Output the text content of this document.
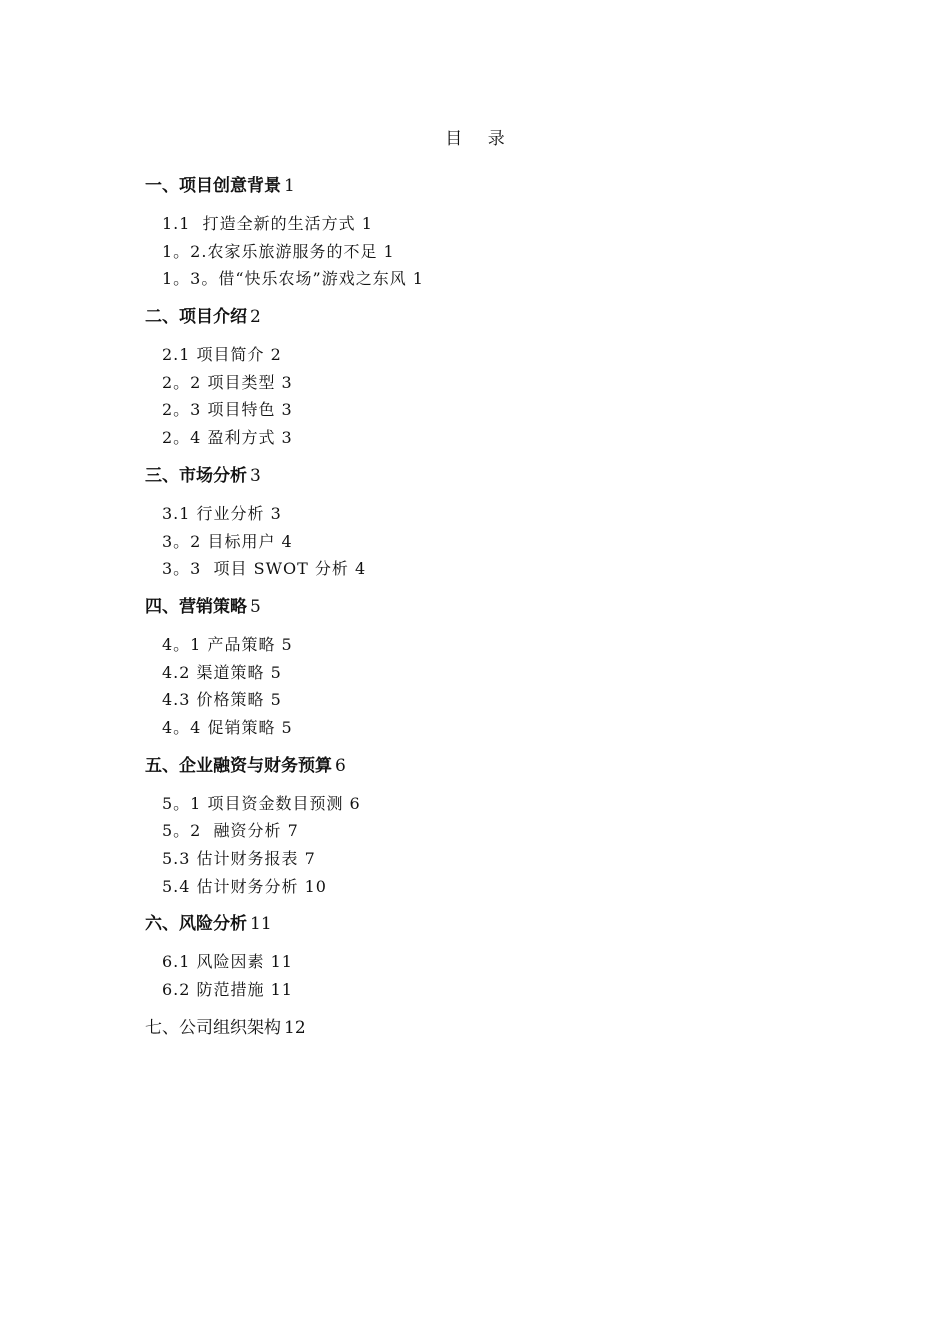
目 录
一、项目创意背景 1
1.1  打造全新的生活方式 1
1。2.农家乐旅游服务的不足 1
1。3。借“快乐农场”游戏之东风 1
二、项目介绍 2
2.1 项目简介 2
2。2 项目类型 3
2。3 项目特色 3
2。4 盈利方式 3
三、市场分析 3
3.1 行业分析 3
3。2 目标用户 4
3。3  项目 SWOT 分析 4
四、营销策略 5
4。1 产品策略 5
4.2 渠道策略 5
4.3 价格策略 5
4。4 促销策略 5
五、企业融资与财务预算 6
5。1 项目资金数目预测 6
5。2  融资分析 7
5.3 估计财务报表 7
5.4 估计财务分析 10
六、风险分析 11
6.1 风险因素 11
6.2 防范措施 11
七、公司组织架构 12
